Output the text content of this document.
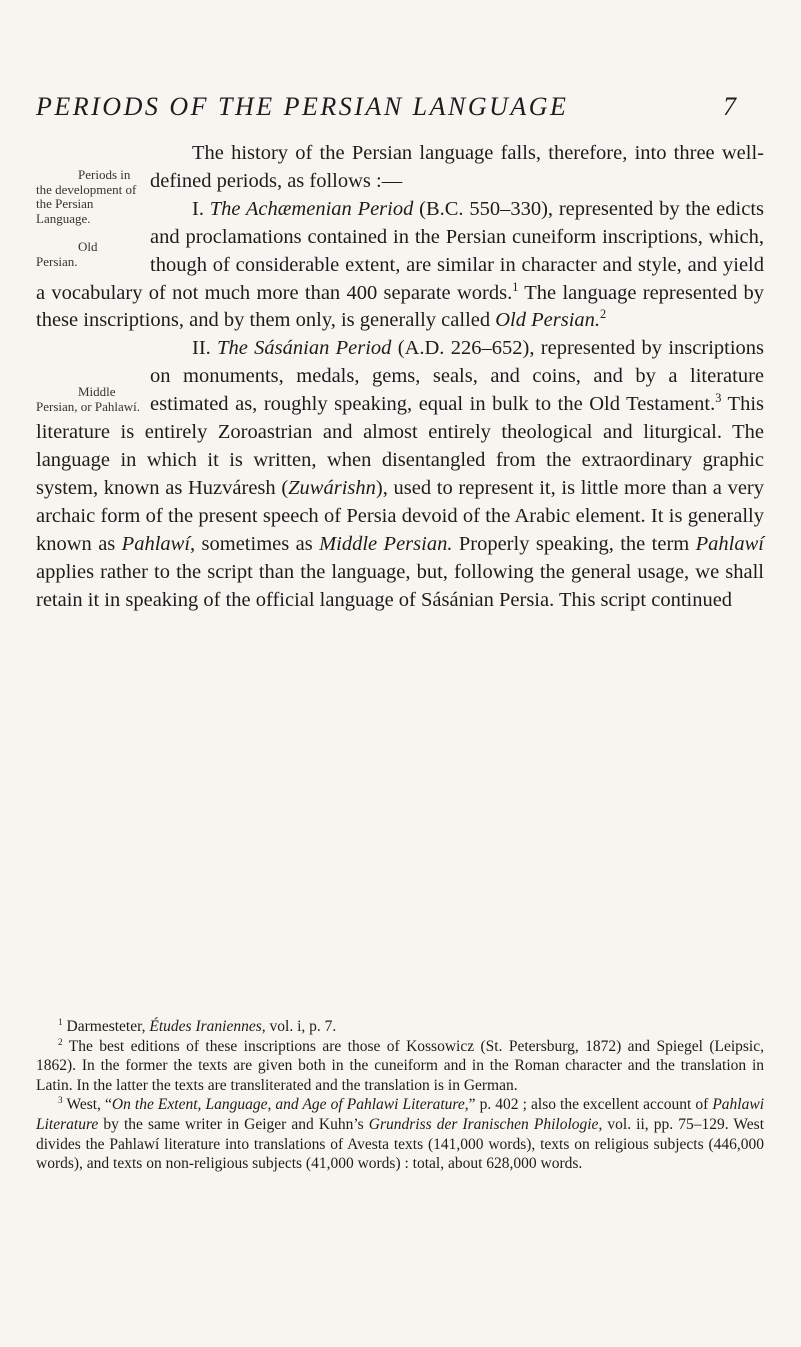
PERIODS OF THE PERSIAN LANGUAGE	7

Periods in the development of the Persian Language.
The history of the Persian language falls, therefore, into three well-defined periods, as follows :—

Old Persian.
I. The Achæmenian Period (B.C. 550–330), represented by the edicts and proclamations contained in the Persian cuneiform inscriptions, which, though of considerable extent, are similar in character and style, and yield a vocabulary of not much more than 400 separate words.$^1$ The language represented by these inscriptions, and by them only, is generally called Old Persian.$^2$

Middle Persian, or Pahlawí.
II. The Sásánian Period (A.D. 226–652), represented by inscriptions on monuments, medals, gems, seals, and coins, and by a literature estimated as, roughly speaking, equal in bulk to the Old Testament.$^3$ This literature is entirely Zoroastrian and almost entirely theological and liturgical. The language in which it is written, when disentangled from the extraordinary graphic system, known as Huzváresh (Zuwárishn), used to represent it, is little more than a very archaic form of the present speech of Persia devoid of the Arabic element. It is generally known as Pahlawí, sometimes as Middle Persian. Properly speaking, the term Pahlawí applies rather to the script than the language, but, following the general usage, we shall retain it in speaking of the official language of Sásánian Persia. This script continued

$^1$ Darmesteter, Études Iraniennes, vol. i, p. 7.

$^2$ The best editions of these inscriptions are those of Kossowicz (St. Petersburg, 1872) and Spiegel (Leipsic, 1862). In the former the texts are given both in the cuneiform and in the Roman character and the translation in Latin. In the latter the texts are transliterated and the translation is in German.

$^3$ West, “On the Extent, Language, and Age of Pahlawi Literature,” p. 402 ; also the excellent account of Pahlawi Literature by the same writer in Geiger and Kuhn’s Grundriss der Iranischen Philologie, vol. ii, pp. 75–129. West divides the Pahlawí literature into translations of Avesta texts (141,000 words), texts on religious subjects (446,000 words), and texts on non-religious subjects (41,000 words) : total, about 628,000 words.
